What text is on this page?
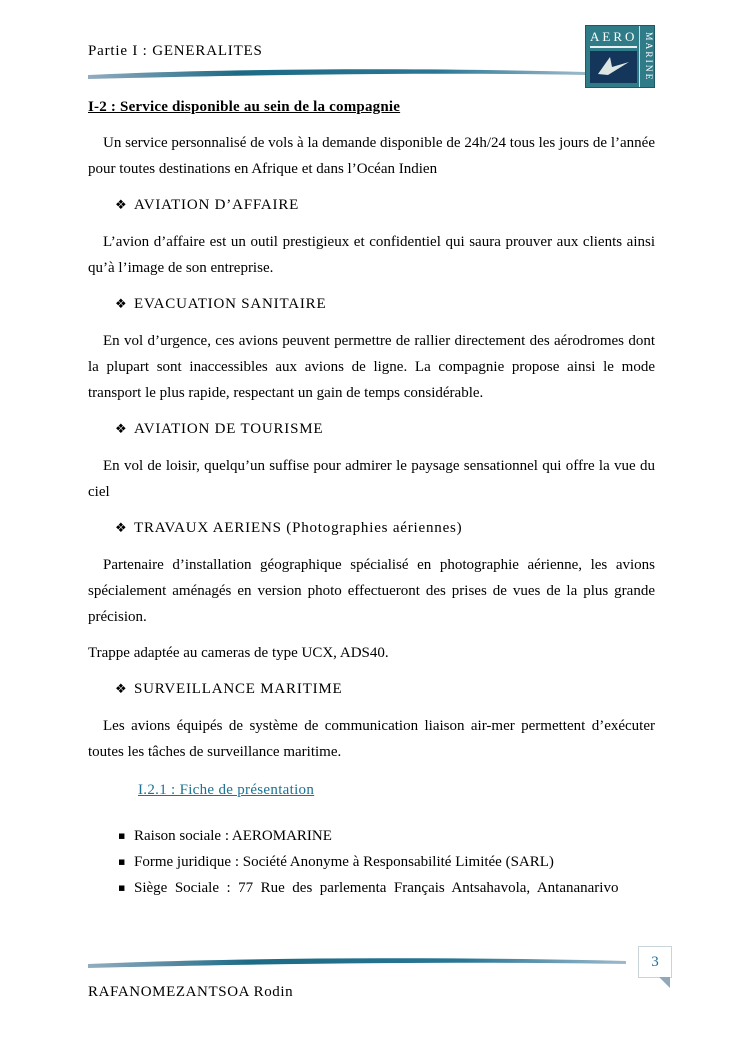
Partie I : GENERALITES
AERO MARINE
I-2 : Service disponible au sein de la compagnie

Un service personnalisé de vols à la demande disponible de 24h/24 tous les jours de l’année pour toutes destinations en Afrique et dans l’Océan Indien

❖ AVIATION D’AFFAIRE

L’avion d’affaire est un outil prestigieux et confidentiel qui saura prouver aux clients ainsi qu’à l’image de son entreprise.

❖ EVACUATION SANITAIRE

En vol d’urgence, ces avions peuvent permettre de rallier directement des aérodromes dont la plupart sont inaccessibles aux avions de ligne. La compagnie propose ainsi le mode transport le plus rapide, respectant un gain de temps considérable.

❖ AVIATION DE TOURISME

En vol de loisir, quelqu’un suffise pour admirer le paysage sensationnel qui offre la vue du ciel

❖ TRAVAUX AERIENS (Photographies aériennes)

Partenaire d’installation géographique spécialisé en photographie aérienne, les avions spécialement aménagés en version photo effectueront des prises de vues de la plus grande précision.

Trappe adaptée au cameras de type UCX, ADS40.

❖ SURVEILLANCE MARITIME

Les avions équipés de système de communication liaison air-mer permettent d’exécuter toutes les tâches de surveillance maritime.

I.2.1 : Fiche de présentation
▪ Raison sociale : AEROMARINE
▪ Forme juridique : Société Anonyme à Responsabilité Limitée (SARL)
▪ Siège Sociale : 77 Rue des parlementa Français Antsahavola, Antananarivo
3
RAFANOMEZANTSOA Rodin
